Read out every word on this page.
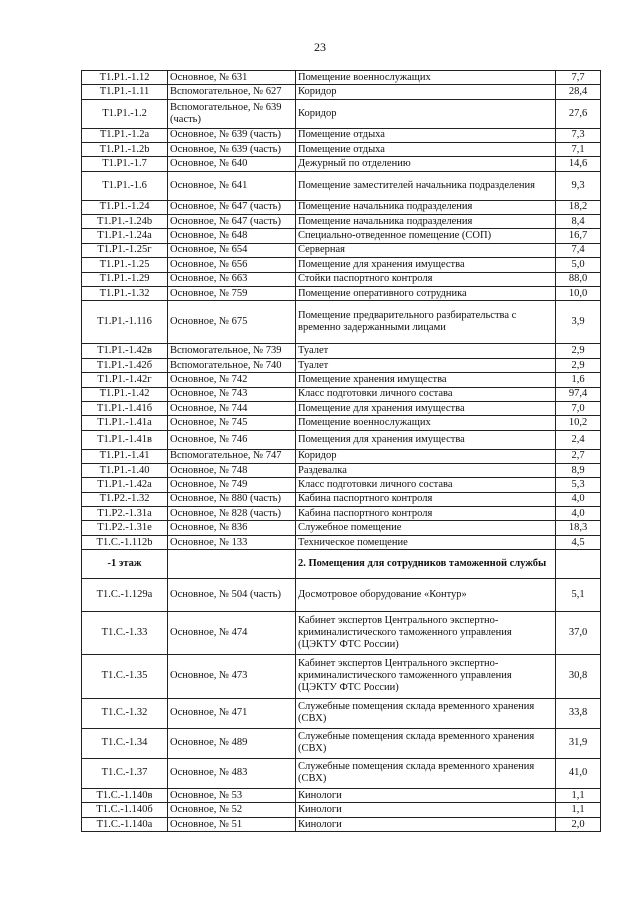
23
Т1.Р1.-1.12	Основное, № 631	Помещение военнослужащих	7,7
Т1.Р1.-1.11	Вспомогательное, № 627	Коридор	28,4
Т1.Р1.-1.2	Вспомогательное, № 639 (часть)	Коридор	27,6
Т1.Р1.-1.2a	Основное, № 639 (часть)	Помещение отдыха	7,3
Т1.Р1.-1.2b	Основное, № 639 (часть)	Помещение отдыха	7,1
Т1.Р1.-1.7	Основное, № 640	Дежурный по отделению	14,6
Т1.Р1.-1.6	Основное, № 641	Помещение заместителей начальника подразделения	9,3
Т1.Р1.-1.24	Основное, № 647 (часть)	Помещение начальника подразделения	18,2
Т1.Р1.-1.24b	Основное, № 647 (часть)	Помещение начальника подразделения	8,4
Т1.Р1.-1.24a	Основное, № 648	Специально-отведенное помещение (СОП)	16,7
Т1.Р1.-1.25г	Основное, № 654	Серверная	7,4
Т1.Р1.-1.25	Основное, № 656	Помещение для хранения имущества	5,0
Т1.Р1.-1.29	Основное, № 663	Стойки паспортного контроля	88,0
Т1.Р1.-1.32	Основное, № 759	Помещение оперативного сотрудника	10,0
Т1.Р1.-1.116	Основное, № 675	Помещение предварительного разбирательства с временно задержанными лицами	3,9
Т1.Р1.-1.42в	Вспомогательное, № 739	Туалет	2,9
Т1.Р1.-1.42б	Вспомогательное, № 740	Туалет	2,9
Т1.Р1.-1.42г	Основное, № 742	Помещение хранения имущества	1,6
Т1.Р1.-1.42	Основное, № 743	Класс подготовки личного состава	97,4
Т1.Р1.-1.41б	Основное, № 744	Помещение для хранения имущества	7,0
Т1.Р1.-1.41a	Основное, № 745	Помещение военнослужащих	10,2
Т1.Р1.-1.41в	Основное, № 746	Помещения для хранения имущества	2,4
Т1.Р1.-1.41	Вспомогательное, № 747	Коридор	2,7
Т1.Р1.-1.40	Основное, № 748	Раздевалка	8,9
Т1.Р1.-1.42a	Основное, № 749	Класс подготовки личного состава	5,3
Т1.Р2.-1.32	Основное, № 880 (часть)	Кабина паспортного контроля	4,0
Т1.Р2.-1.31a	Основное, № 828 (часть)	Кабина паспортного контроля	4,0
Т1.Р2.-1.31e	Основное, № 836	Служебное помещение	18,3
Т1.С.-1.112b	Основное, № 133	Техническое помещение	4,5
-1 этаж		2. Помещения для сотрудников таможенной службы	
Т1.С.-1.129a	Основное, № 504 (часть)	Досмотровое оборудование «Контур»	5,1
Т1.С.-1.33	Основное, № 474	Кабинет экспертов Центрального экспертно-криминалистического таможенного управления (ЦЭКТУ ФТС России)	37,0
Т1.С.-1.35	Основное, № 473	Кабинет экспертов Центрального экспертно-криминалистического таможенного управления (ЦЭКТУ ФТС России)	30,8
Т1.С.-1.32	Основное, № 471	Служебные помещения склада временного хранения (СВХ)	33,8
Т1.С.-1.34	Основное, № 489	Служебные помещения склада временного хранения (СВХ)	31,9
Т1.С.-1.37	Основное, № 483	Служебные помещения склада временного хранения (СВХ)	41,0
Т1.С.-1.140в	Основное, № 53	Кинологи	1,1
Т1.С.-1.140б	Основное, № 52	Кинологи	1,1
Т1.С.-1.140a	Основное, № 51	Кинологи	2,0
